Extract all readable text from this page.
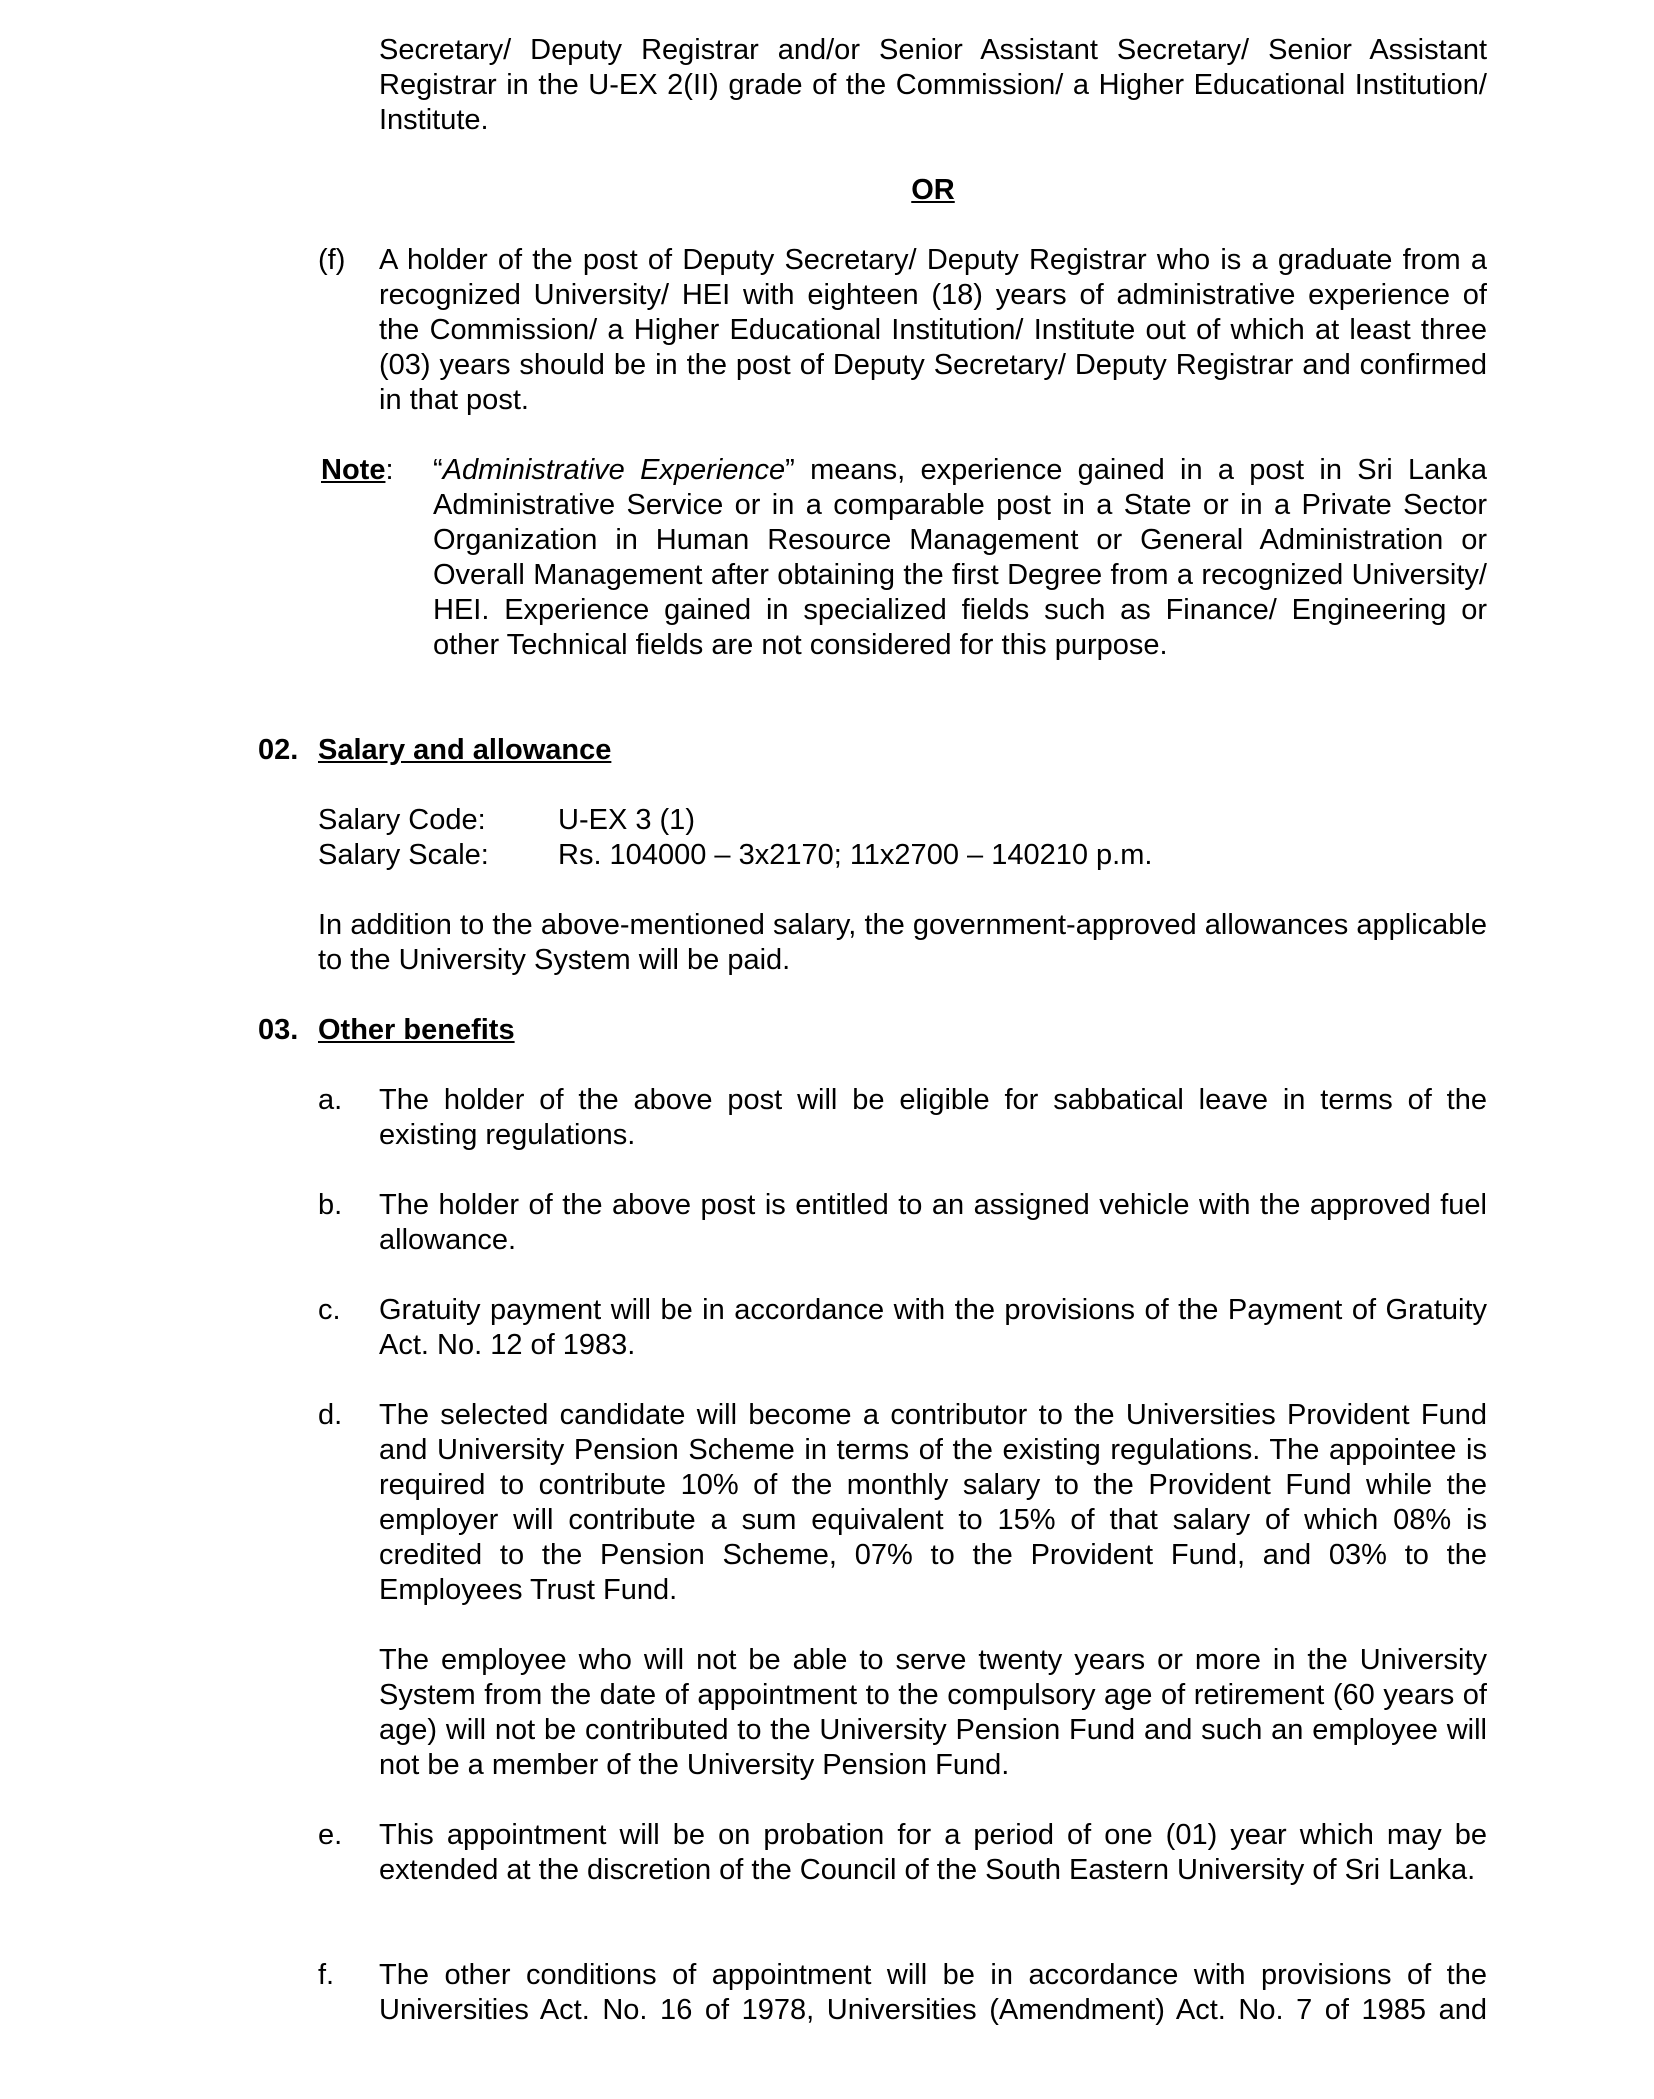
Secretary/ Deputy Registrar and/or Senior Assistant Secretary/ Senior Assistant Registrar in the U-EX 2(II) grade of the Commission/ a Higher Educational Institution/ Institute.
OR
(f) A holder of the post of Deputy Secretary/ Deputy Registrar who is a graduate from a recognized University/ HEI with eighteen (18) years of administrative experience of the Commission/ a Higher Educational Institution/ Institute out of which at least three (03) years should be in the post of Deputy Secretary/ Deputy Registrar and confirmed in that post.
Note: “Administrative Experience” means, experience gained in a post in Sri Lanka Administrative Service or in a comparable post in a State or in a Private Sector Organization in Human Resource Management or General Administration or Overall Management after obtaining the first Degree from a recognized University/ HEI. Experience gained in specialized fields such as Finance/ Engineering or other Technical fields are not considered for this purpose.
02. Salary and allowance
Salary Code: U-EX 3 (1)
Salary Scale: Rs. 104000 – 3x2170; 11x2700 – 140210 p.m.
In addition to the above-mentioned salary, the government-approved allowances applicable to the University System will be paid.
03. Other benefits
a. The holder of the above post will be eligible for sabbatical leave in terms of the existing regulations.
b. The holder of the above post is entitled to an assigned vehicle with the approved fuel allowance.
c. Gratuity payment will be in accordance with the provisions of the Payment of Gratuity Act. No. 12 of 1983.
d. The selected candidate will become a contributor to the Universities Provident Fund and University Pension Scheme in terms of the existing regulations. The appointee is required to contribute 10% of the monthly salary to the Provident Fund while the employer will contribute a sum equivalent to 15% of that salary of which 08% is credited to the Pension Scheme, 07% to the Provident Fund, and 03% to the Employees Trust Fund.
The employee who will not be able to serve twenty years or more in the University System from the date of appointment to the compulsory age of retirement (60 years of age) will not be contributed to the University Pension Fund and such an employee will not be a member of the University Pension Fund.
e. This appointment will be on probation for a period of one (01) year which may be extended at the discretion of the Council of the South Eastern University of Sri Lanka.
f. The other conditions of appointment will be in accordance with provisions of the Universities Act. No. 16 of 1978, Universities (Amendment) Act. No. 7 of 1985 and
